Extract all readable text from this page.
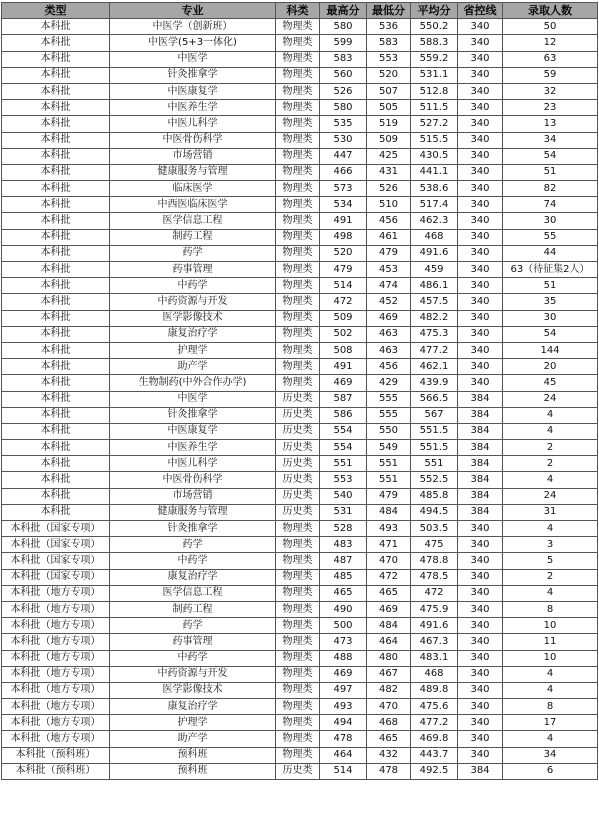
类型	专业	科类	最高分	最低分	平均分	省控线	录取人数
本科批	中医学（创新班）	物理类	580	536	550.2	340	50
本科批	中医学(5+3一体化)	物理类	599	583	588.3	340	12
本科批	中医学	物理类	583	553	559.2	340	63
本科批	针灸推拿学	物理类	560	520	531.1	340	59
本科批	中医康复学	物理类	526	507	512.8	340	32
本科批	中医养生学	物理类	580	505	511.5	340	23
本科批	中医儿科学	物理类	535	519	527.2	340	13
本科批	中医骨伤科学	物理类	530	509	515.5	340	34
本科批	市场营销	物理类	447	425	430.5	340	54
本科批	健康服务与管理	物理类	466	431	441.1	340	51
本科批	临床医学	物理类	573	526	538.6	340	82
本科批	中西医临床医学	物理类	534	510	517.4	340	74
本科批	医学信息工程	物理类	491	456	462.3	340	30
本科批	制药工程	物理类	498	461	468	340	55
本科批	药学	物理类	520	479	491.6	340	44
本科批	药事管理	物理类	479	453	459	340	63（待征集2人）
本科批	中药学	物理类	514	474	486.1	340	51
本科批	中药资源与开发	物理类	472	452	457.5	340	35
本科批	医学影像技术	物理类	509	469	482.2	340	30
本科批	康复治疗学	物理类	502	463	475.3	340	54
本科批	护理学	物理类	508	463	477.2	340	144
本科批	助产学	物理类	491	456	462.1	340	20
本科批	生物制药(中外合作办学)	物理类	469	429	439.9	340	45
本科批	中医学	历史类	587	555	566.5	384	24
本科批	针灸推拿学	历史类	586	555	567	384	4
本科批	中医康复学	历史类	554	550	551.5	384	4
本科批	中医养生学	历史类	554	549	551.5	384	2
本科批	中医儿科学	历史类	551	551	551	384	2
本科批	中医骨伤科学	历史类	553	551	552.5	384	4
本科批	市场营销	历史类	540	479	485.8	384	24
本科批	健康服务与管理	历史类	531	484	494.5	384	31
本科批（国家专项）	针灸推拿学	物理类	528	493	503.5	340	4
本科批（国家专项）	药学	物理类	483	471	475	340	3
本科批（国家专项）	中药学	物理类	487	470	478.8	340	5
本科批（国家专项）	康复治疗学	物理类	485	472	478.5	340	2
本科批（地方专项）	医学信息工程	物理类	465	465	472	340	4
本科批（地方专项）	制药工程	物理类	490	469	475.9	340	8
本科批（地方专项）	药学	物理类	500	484	491.6	340	10
本科批（地方专项）	药事管理	物理类	473	464	467.3	340	11
本科批（地方专项）	中药学	物理类	488	480	483.1	340	10
本科批（地方专项）	中药资源与开发	物理类	469	467	468	340	4
本科批（地方专项）	医学影像技术	物理类	497	482	489.8	340	4
本科批（地方专项）	康复治疗学	物理类	493	470	475.6	340	8
本科批（地方专项）	护理学	物理类	494	468	477.2	340	17
本科批（地方专项）	助产学	物理类	478	465	469.8	340	4
本科批（预科班）	预科班	物理类	464	432	443.7	340	34
本科批（预科班）	预科班	历史类	514	478	492.5	384	6
